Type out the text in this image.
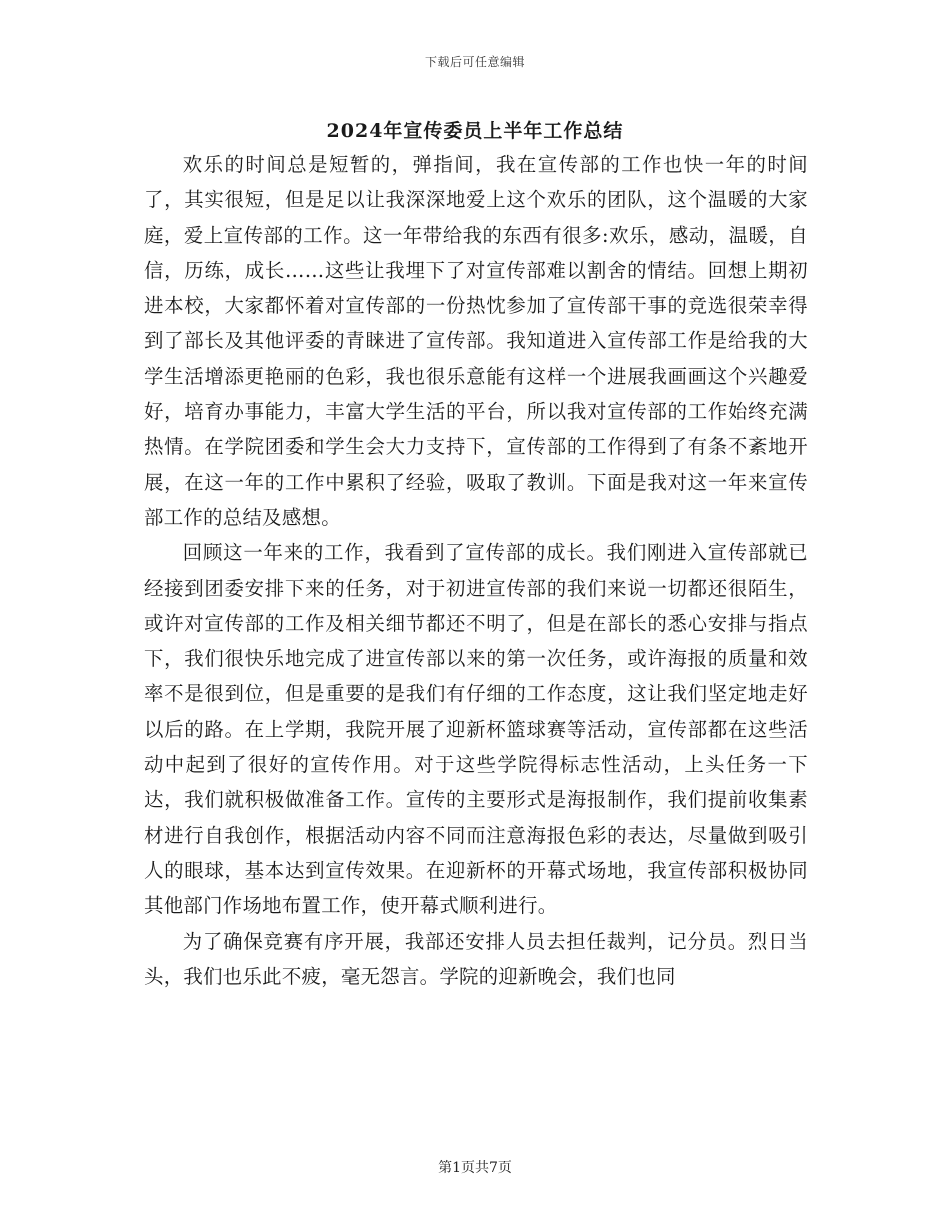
下载后可任意编辑
2024年宣传委员上半年工作总结

欢乐的时间总是短暂的，弹指间，我在宣传部的工作也快一年的时间了，其实很短，但是足以让我深深地爱上这个欢乐的团队，这个温暖的大家庭，爱上宣传部的工作。这一年带给我的东西有很多:欢乐，感动，温暖，自信，历练，成长……这些让我埋下了对宣传部难以割舍的情结。回想上期初进本校，大家都怀着对宣传部的一份热忱参加了宣传部干事的竞选很荣幸得到了部长及其他评委的青睐进了宣传部。我知道进入宣传部工作是给我的大学生活增添更艳丽的色彩，我也很乐意能有这样一个进展我画画这个兴趣爱好，培育办事能力，丰富大学生活的平台，所以我对宣传部的工作始终充满热情。在学院团委和学生会大力支持下，宣传部的工作得到了有条不紊地开展，在这一年的工作中累积了经验，吸取了教训。下面是我对这一年来宣传部工作的总结及感想。

回顾这一年来的工作，我看到了宣传部的成长。我们刚进入宣传部就已经接到团委安排下来的任务，对于初进宣传部的我们来说一切都还很陌生，或许对宣传部的工作及相关细节都还不明了，但是在部长的悉心安排与指点下，我们很快乐地完成了进宣传部以来的第一次任务，或许海报的质量和效率不是很到位，但是重要的是我们有仔细的工作态度，这让我们坚定地走好以后的路。在上学期，我院开展了迎新杯篮球赛等活动，宣传部都在这些活动中起到了很好的宣传作用。对于这些学院得标志性活动，上头任务一下达，我们就积极做准备工作。宣传的主要形式是海报制作，我们提前收集素材进行自我创作，根据活动内容不同而注意海报色彩的表达，尽量做到吸引人的眼球，基本达到宣传效果。在迎新杯的开幕式场地，我宣传部积极协同其他部门作场地布置工作，使开幕式顺利进行。

为了确保竞赛有序开展，我部还安排人员去担任裁判，记分员。烈日当头，我们也乐此不疲，毫无怨言。学院的迎新晚会，我们也同

第1页共7页
